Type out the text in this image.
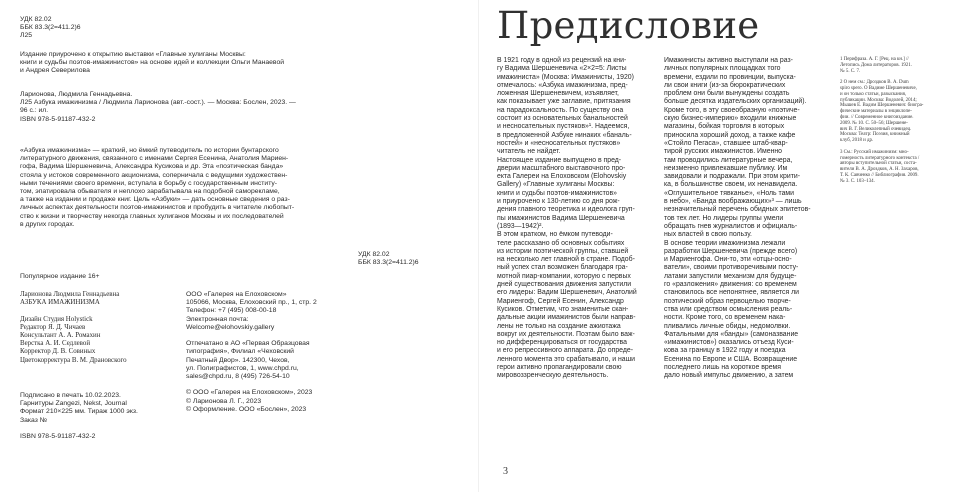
УДК 82.02
ББК 83.3(2=411.2)6
Л25
Издание приурочено к открытию выставки «Главные хулиганы Москвы:
книги и судьбы поэтов-имажинистов» на основе идей и коллекции Ольги Манаевой
и Андрея Севериловa
Ларионова, Людмила Геннадьевна.
Л25 Азбука имажинизма / Людмила Ларионова (авт.-сост.). — Москва: Бослен, 2023. —
96 с.: ил.
ISBN 978-5-91187-432-2
«Азбука имажинизма» — краткий, но ёмкий путеводитель по истории бунтарского
литературного движения, связанного с именами Сергея Есенина, Анатолия Мариен-
гофа, Вадима Шершеневича, Александра Кусикова и др. Эта «поэтическая банда»
стояла у истоков современного акционизма, соперничала с ведущими художествен-
ными течениями своего времени, вступала в борьбу с государственным институ-
том, эпатировала обывателя и неплохо зарабатывала на подобной саморекламе,
а также на издании и продаже книг. Цель «Азбуки» — дать основные сведения о раз-
личных аспектах деятельности поэтов-имажинистов и пробудить в читателе любопыт-
ство к жизни и творчеству некогда главных хулиганов Москвы и их последователей
в других городах.
УДК 82.02
ББК 83.3(2=411.2)6
Популярное издание 16+
Ларионова Людмила Геннадьевна
АЗБУКА ИМАЖИНИЗМА

Дизайн Студия Holystick
Редактор Я. Д. Чичаев
Консультант А. А. Ромахин
Верстка А. И. Седлевой
Корректор Д. В. Совиных
Цветокорректура В. М. Драновского
Подписано в печать 10.02.2023.
Гарнитуры Zangezi, Nekst, Journal
Формат 210×225 мм. Тираж 1000 экз.
Заказ №

ISBN 978-5-91187-432-2
ООО «Галерея на Елоховском»
105066, Москва, Елоховский пр., 1, стр. 2
Телефон: +7 (495) 008-00-18
Электронная почта:
Welcome@elohovskiy.gallery

Отпечатано в АО «Первая Образцовая
типография», Филиал «Чеховский
Печатный Двор». 142300, Чехов,
ул. Полиграфистов, 1, www.chpd.ru,
sales@chpd.ru, 8 (495) 726-54-10

© ООО «Галерея на Елоховском», 2023
© Ларионова Л. Г., 2023
© Оформление. ООО «Бослен», 2023
Предисловие
В 1921 году в одной из рецензий на кни-
гу Вадима Шершеневича «2×2=5: Листы
имажиниста» (Москва: Имажинисты, 1920)
отмечалось: «Азбука имажинизма, пред-
ложенная Шершеневичем, изъявляет,
как показывает уже заглавие, притязания
на парадоксальность. По существу она
состоит из основательных банальностей
и несносательных пустяков»¹. Надеемся,
в предложенной Азбуке нинаких «баналь-
ностей» и «несносательных пустяков»
читатель не найдет.
Настоящее издание выпущено в пред-
дверии масштабного выставочного про-
екта Галереи на Елоховском (Elohovskiy
Gallery) «Главные хулиганы Москвы:
книги и судьбы поэтов-имажинистов»
и приурочено к 130-летию со дня рож-
дения главного теоретика и идеолога груп-
пы имажинистов Вадима Шершеневича
(1893—1942)².
В этом кратком, но ёмком путеводи-
теле рассказано об основных событиях
из истории поэтической группы, ставшей
на несколько лет главной в стране. Подоб-
ный успех стал возможен благодаря гра-
мотной пиар-компании, которую с первых
дней существования движения запустили
его лидеры: Вадим Шершеневич, Анатолий
Мариенгоф, Сергей Есенин, Александр
Кусиков. Отметим, что знаменитые скан-
дальные акции имажинистов были направ-
лены не только на создание ажиотажа
вокруг их деятельности. Поэтам было важ-
но дифференцироваться от государства
и его репрессивного аппарата. До опреде-
ленного момента это срабатывало, и наши
герои активно пропагандировали свою
мировоззренческую деятельность.
Имажинисты активно выступали на раз-
личных популярных площадках того
времени, ездили по провинции, выпуска-
ли свои книги (из-за бюрократических
проблем они были вынуждены создать
больше десятка издательских организаций).
Кроме того, в эту своеобразную «поэтиче-
скую бизнес-империю» входили книжные
магазины, бойкая торговля в которых
приносила хороший доход, а также кафе
«Стойло Пегаса», ставшее штаб-квар-
тирой русских имажинистов. Именно
там проводились литературные вечера,
неизменно привлекавшие публику. Им
завидовали и подражали. При этом крити-
ка, в большинстве своем, их ненавидела.
«Оглушительное тявканье», «Ноль тами
в небо», «Банда воображающих»³ — лишь
незначительный перечень обидных эпитетов-
тов тех лет. Но лидеры группы умели
обращать гнев журналистов и официаль-
ных властей в свою пользу.
В основе теории имажинизма лежали
разработки Шершеневича (прежде всего)
и Мариенгофа. Они-то, эти «отцы-осно-
ватели», своими противоречивыми посту-
латами запустили механизм для будуще-
го «разложения» движения: со временем
становилось все непонятнее, является ли
поэтический образ первоцелью творче-
ства или средством осмысления реаль-
ности. Кроме того, со временем нака-
пливались личные обиды, недомолвки.
Фатальными для «банды» (самоназвание
«имажинистов») оказались отъезд Куси-
кова за границу в 1922 году и поездка
Есенина по Европе и США. Возвращение
последнего лишь на короткое время
дало новый импульс движению, а затем
1 Перифраза. А. Г. [Рец. на кн.] //
Летопись Дома литераторов. 1921.
№ 5. С. 7.

2 О нем см.: Дроздков В. А. Dum
spiro spero. О Вадиме Шершеневиче,
и он только статьи, разыскания,
публикации. Москва: Водолей, 2014;
Мышев Е. Вадим Шершеневич: биогра-
фические материалы в энциклопе-
фии. // Современное книгоиздание.
2009. № 10. С. 50–56; Шершене-
вич В. Г. Великолепный очевидец.
Москва: Театр: Поэзия, книжный
клуб, 2018 и др.

3 См.: Русский имажинизм: мно-
гомерность литературного контекста /
авторы вступительной статьи, соста-
вители В. А. Дроздков, А. Н. Захаров,
Т. К. Савченко // Библиография. 2009.
№ 3. С. 103–134.
3
